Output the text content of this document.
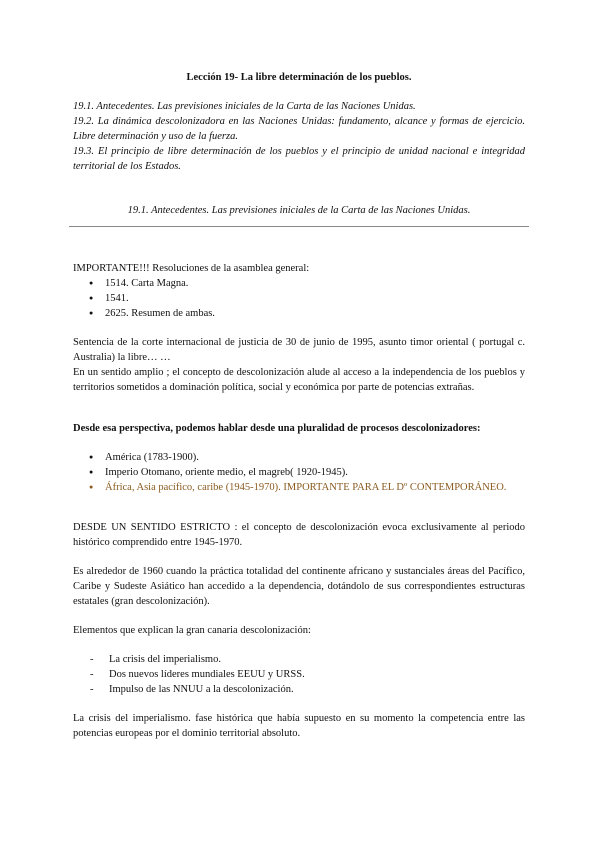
Lección 19- La libre determinación de los pueblos.

19.1. Antecedentes. Las previsiones iniciales de la Carta de las Naciones Unidas.

19.2. La dinámica descolonizadora en las Naciones Unidas: fundamento, alcance y formas de ejercicio. Libre determinación y uso de la fuerza.

19.3. El principio de libre determinación de los pueblos y el principio de unidad nacional e integridad territorial de los Estados.

19.1. Antecedentes. Las previsiones iniciales de la Carta de las Naciones Unidas.

IMPORTANTE!!! Resoluciones de la asamblea general:

● 1514. Carta Magna.
● 1541.
● 2625. Resumen de ambas.

Sentencia de la corte internacional de justicia de 30 de junio de 1995, asunto timor oriental ( portugal c. Australia) la libre… …

En un sentido amplio ; el concepto de descolonización alude al acceso a la independencia de los pueblos y territorios sometidos a dominación política, social y económica por parte de potencias extrañas.

Desde esa perspectiva, podemos hablar desde una pluralidad de procesos descolonizadores:

● América (1783-1900).
● Imperio Otomano, oriente medio, el magreb( 1920-1945).
● África, Asia pacífico, caribe (1945-1970). IMPORTANTE PARA EL Dº CONTEMPORÁNEO.

DESDE UN SENTIDO ESTRICTO : el concepto de descolonización evoca exclusivamente al periodo histórico comprendido entre 1945-1970.

Es alrededor de 1960 cuando la práctica totalidad del continente africano y sustanciales áreas del Pacífico, Caribe y Sudeste Asiático han accedido a la dependencia, dotándolo de sus correspondientes estructuras estatales (gran descolonización).

Elementos que explican la gran canaria descolonización:

- La crisis del imperialismo.
- Dos nuevos líderes mundiales EEUU y URSS.
- Impulso de las NNUU a la descolonización.

La crisis del imperialismo. fase histórica que había supuesto en su momento la competencia entre las potencias europeas por el dominio territorial absoluto.
